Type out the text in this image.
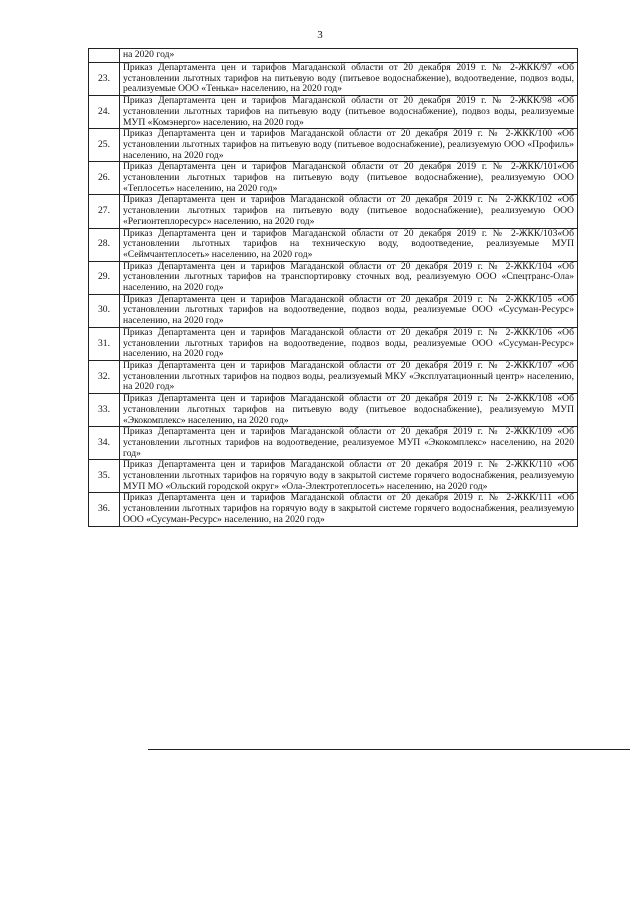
3
	на 2020 год»
23.	Приказ Департамента цен и тарифов Магаданской области от 20 декабря 2019 г. № 2-ЖКК/97 «Об установлении льготных тарифов на питьевую воду (питьевое водоснабжение), водоотведение, подвоз воды, реализуемые ООО «Тенька» населению, на 2020 год»
24.	Приказ Департамента цен и тарифов Магаданской области от 20 декабря 2019 г. № 2-ЖКК/98 «Об установлении льготных тарифов на питьевую воду (питьевое водоснабжение), подвоз воды, реализуемые МУП «Комэнерго» населению, на 2020 год»
25.	Приказ Департамента цен и тарифов Магаданской области от 20 декабря 2019 г. № 2-ЖКК/100 «Об установлении льготных тарифов на питьевую воду (питьевое водоснабжение), реализуемую ООО «Профиль» населению, на 2020 год»
26.	Приказ Департамента цен и тарифов Магаданской области от 20 декабря 2019 г. № 2-ЖКК/101«Об установлении льготных тарифов на питьевую воду (питьевое водоснабжение), реализуемую ООО «Теплосеть» населению, на 2020 год»
27.	Приказ Департамента цен и тарифов Магаданской области от 20 декабря 2019 г. № 2-ЖКК/102 «Об установлении льготных тарифов на питьевую воду (питьевое водоснабжение), реализуемую ООО «Регионтеплоресурс» населению, на 2020 год»
28.	Приказ Департамента цен и тарифов Магаданской области от 20 декабря 2019 г. № 2-ЖКК/103«Об установлении льготных тарифов на техническую воду, водоотведение, реализуемые МУП «Сеймчантеплосеть» населению, на 2020 год»
29.	Приказ Департамента цен и тарифов Магаданской области от 20 декабря 2019 г. № 2-ЖКК/104 «Об установлении льготных тарифов на транспортировку сточных вод, реализуемую ООО «Спецтранс-Ола» населению, на 2020 год»
30.	Приказ Департамента цен и тарифов Магаданской области от 20 декабря 2019 г. № 2-ЖКК/105 «Об установлении льготных тарифов на водоотведение, подвоз воды, реализуемые ООО «Сусуман-Ресурс» населению, на 2020 год»
31.	Приказ Департамента цен и тарифов Магаданской области от 20 декабря 2019 г. № 2-ЖКК/106 «Об установлении льготных тарифов на водоотведение, подвоз воды, реализуемые ООО «Сусуман-Ресурс» населению, на 2020 год»
32.	Приказ Департамента цен и тарифов Магаданской области от 20 декабря 2019 г. № 2-ЖКК/107 «Об установлении льготных тарифов на подвоз воды, реализуемый МКУ «Эксплуатационный центр» населению, на 2020 год»
33.	Приказ Департамента цен и тарифов Магаданской области от 20 декабря 2019 г. № 2-ЖКК/108 «Об установлении льготных тарифов на питьевую воду (питьевое водоснабжение), реализуемую МУП «Экокомплекс» населению, на 2020 год»
34.	Приказ Департамента цен и тарифов Магаданской области от 20 декабря 2019 г. № 2-ЖКК/109 «Об установлении льготных тарифов на водоотведение, реализуемое МУП «Экокомплекс» населению, на 2020 год»
35.	Приказ Департамента цен и тарифов Магаданской области от 20 декабря 2019 г. № 2-ЖКК/110 «Об установлении льготных тарифов на горячую воду в закрытой системе горячего водоснабжения, реализуемую МУП МО «Ольский городской округ» «Ола-Электротеплосеть» населению, на 2020 год»
36.	Приказ Департамента цен и тарифов Магаданской области от 20 декабря 2019 г. № 2-ЖКК/111 «Об установлении льготных тарифов на горячую воду в закрытой системе горячего водоснабжения, реализуемую ООО «Сусуман-Ресурс» населению, на 2020 год»
